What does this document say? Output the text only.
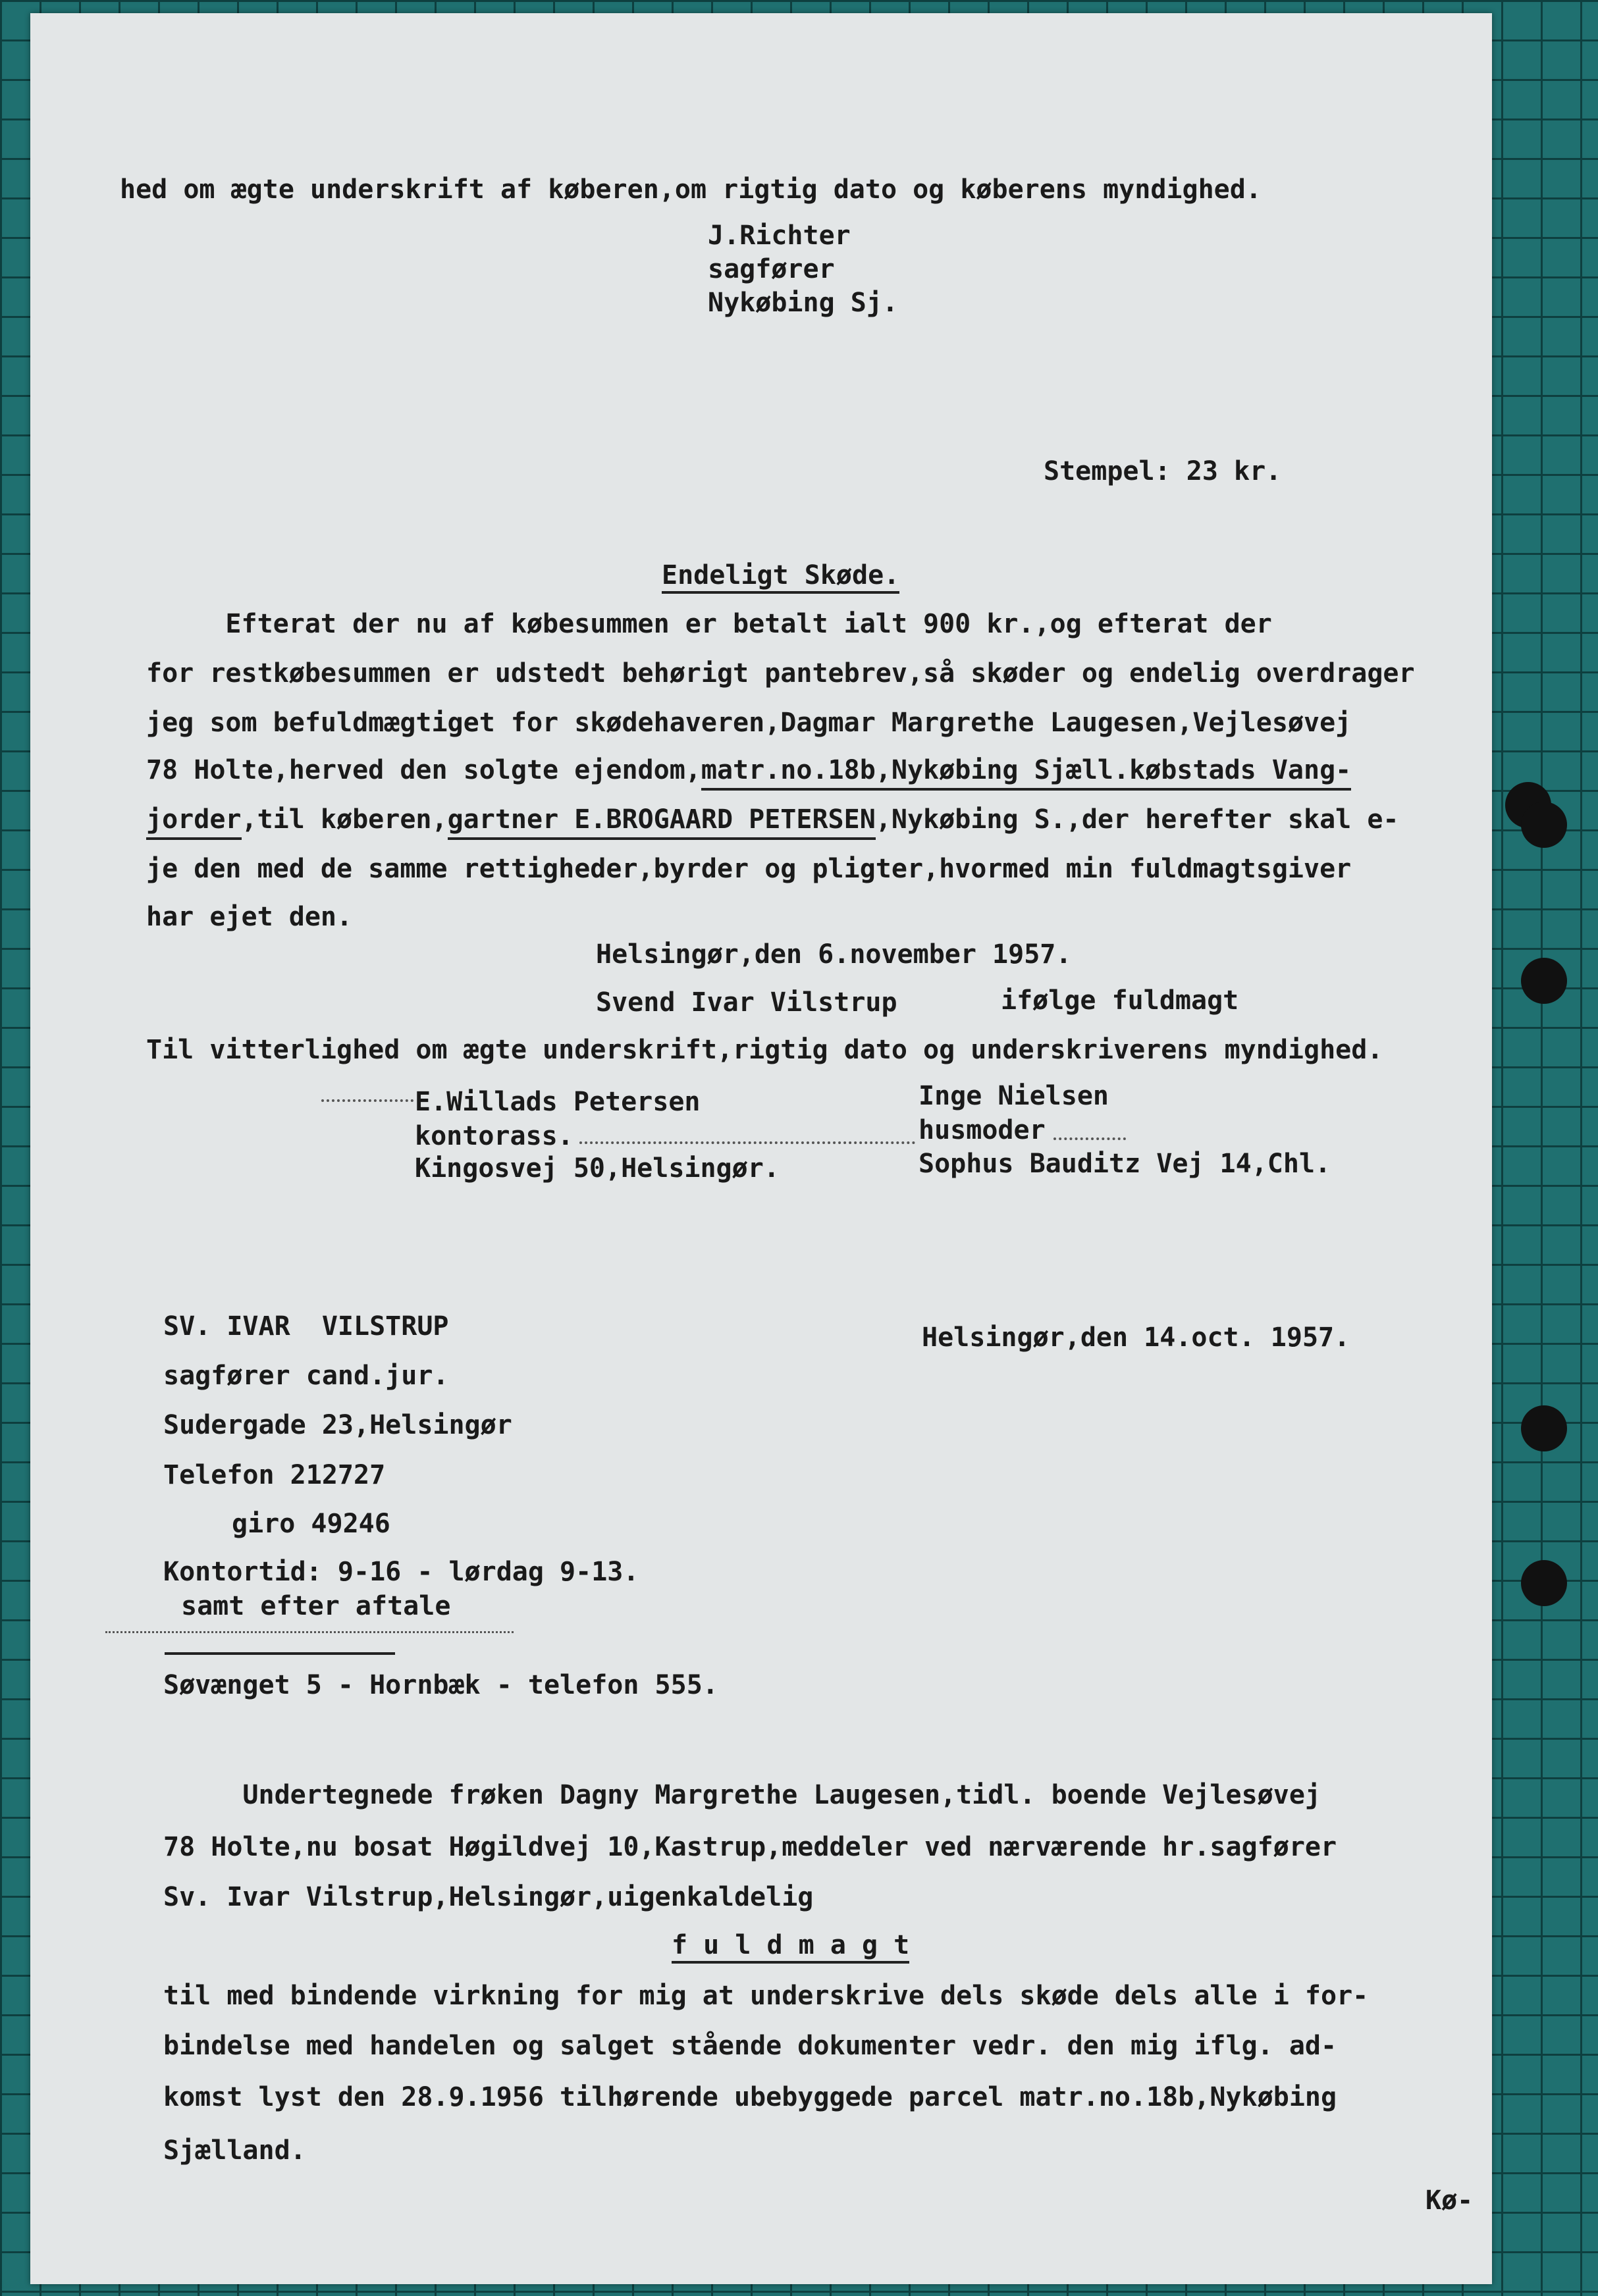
hed om ægte underskrift af køberen,om rigtig dato og køberens myndighed.
J.Richter
sagfører
Nykøbing Sj.
Stempel: 23 kr.
Endeligt Skøde.
Efterat der nu af købesummen er betalt ialt 900 kr.,og efterat der
for restkøbesummen er udstedt behørigt pantebrev,så skøder og endelig overdrager
jeg som befuldmægtiget for skødehaveren,Dagmar Margrethe Laugesen,Vejlesøvej
78 Holte,herved den solgte ejendom,matr.no.18b,Nykøbing Sjæll.købstads Vang-
jorder,til køberen,gartner E.BROGAARD PETERSEN,Nykøbing S.,der herefter skal e-
je den med de samme rettigheder,byrder og pligter,hvormed min fuldmagtsgiver
har ejet den.
Helsingør,den 6.november 1957.
Svend Ivar Vilstrup	ifølge fuldmagt
Til vitterlighed om ægte underskrift,rigtig dato og underskriverens myndighed.
E.Willads Petersen
kontorass.
Kingosvej 50,Helsingør.
Inge Nielsen
husmoder
Sophus Bauditz Vej 14,Chl.
SV. IVAR  VILSTRUP	Helsingør,den 14.oct. 1957.
sagfører cand.jur.
Sudergade 23,Helsingør
Telefon 212727
giro 49246
Kontortid: 9-16 - lørdag 9-13.
samt efter aftale
Søvænget 5 - Hornbæk - telefon 555.
Undertegnede frøken Dagny Margrethe Laugesen,tidl. boende Vejlesøvej
78 Holte,nu bosat Høgildvej 10,Kastrup,meddeler ved nærværende hr.sagfører
Sv. Ivar Vilstrup,Helsingør,uigenkaldelig
f u l d m a g t
til med bindende virkning for mig at underskrive dels skøde dels alle i for-
bindelse med handelen og salget stående dokumenter vedr. den mig iflg. ad-
komst lyst den 28.9.1956 tilhørende ubebyggede parcel matr.no.18b,Nykøbing
Sjælland.
Kø-
